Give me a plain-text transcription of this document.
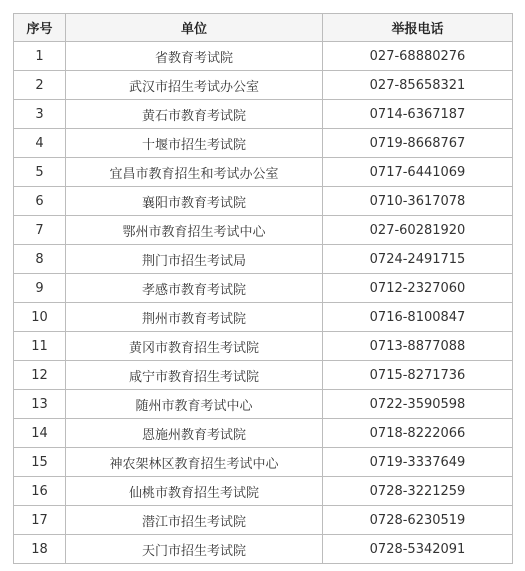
序号	单位	举报电话
1	省教育考试院	027-68880276
2	武汉市招生考试办公室	027-85658321
3	黄石市教育考试院	0714-6367187
4	十堰市招生考试院	0719-8668767
5	宜昌市教育招生和考试办公室	0717-6441069
6	襄阳市教育考试院	0710-3617078
7	鄂州市教育招生考试中心	027-60281920
8	荆门市招生考试局	0724-2491715
9	孝感市教育考试院	0712-2327060
10	荆州市教育考试院	0716-8100847
11	黄冈市教育招生考试院	0713-8877088
12	咸宁市教育招生考试院	0715-8271736
13	随州市教育考试中心	0722-3590598
14	恩施州教育考试院	0718-8222066
15	神农架林区教育招生考试中心	0719-3337649
16	仙桃市教育招生考试院	0728-3221259
17	潜江市招生考试院	0728-6230519
18	天门市招生考试院	0728-5342091
